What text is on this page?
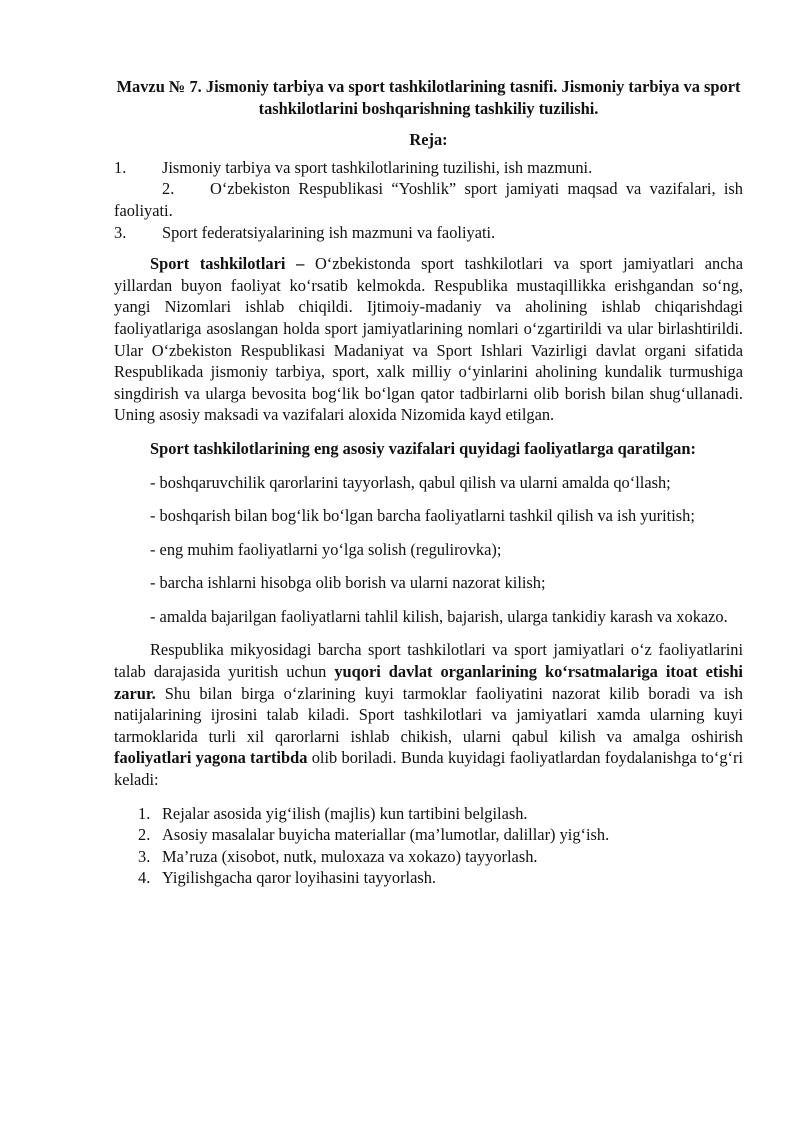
Mavzu № 7. Jismoniy tarbiya va sport tashkilotlarining tasnifi. Jismoniy tarbiya va sport tashkilotlarini boshqarishning tashkiliy tuzilishi.
Reja:
1. Jismoniy tarbiya va sport tashkilotlarining tuzilishi, ish mazmuni.
2. O‘zbekiston Respublikasi “Yoshlik” sport jamiyati maqsad va vazifalari, ish faoliyati.
3. Sport federatsiyalarining ish mazmuni va faoliyati.

Sport tashkilotlari – O‘zbekistonda sport tashkilotlari va sport jamiyatlari ancha yillardan buyon faoliyat ko‘rsatib kelmokda. Respublika mustaqillikka erishgandan so‘ng, yangi Nizomlari ishlab chiqildi. Ijtimoiy-madaniy va aholining ishlab chiqarishdagi faoliyatlariga asoslangan holda sport jamiyatlarining nomlari o‘zgartirildi va ular birlashtirildi. Ular O‘zbekiston Respublikasi Madaniyat va Sport Ishlari Vazirligi davlat organi sifatida Respublikada jismoniy tarbiya, sport, xalk milliy o‘yinlarini aholining kundalik turmushiga singdirish va ularga bevosita bog‘lik bo‘lgan qator tadbirlarni olib borish bilan shug‘ullanadi. Uning asosiy maksadi va vazifalari aloxida Nizomida kayd etilgan.

Sport tashkilotlarining eng asosiy vazifalari quyidagi faoliyatlarga qaratilgan:

- boshqaruvchilik qarorlarini tayyorlash, qabul qilish va ularni amalda qo‘llash;

- boshqarish bilan bog‘lik bo‘lgan barcha faoliyatlarni tashkil qilish va ish yuritish;

- eng muhim faoliyatlarni yo‘lga solish (regulirovka);

- barcha ishlarni hisobga olib borish va ularni nazorat kilish;

- amalda bajarilgan faoliyatlarni tahlil kilish, bajarish, ularga tankidiy karash va xokazo.

Respublika mikyosidagi barcha sport tashkilotlari va sport jamiyatlari o‘z faoliyatlarini talab darajasida yuritish uchun yuqori davlat organlarining ko‘rsatmalariga itoat etishi zarur. Shu bilan birga o‘zlarining kuyi tarmoklar faoliyatini nazorat kilib boradi va ish natijalarining ijrosini talab kiladi. Sport tashkilotlari va jamiyatlari xamda ularning kuyi tarmoklarida turli xil qarorlarni ishlab chikish, ularni qabul kilish va amalga oshirish faoliyatlari yagona tartibda olib boriladi. Bunda kuyidagi faoliyatlardan foydalanishga to‘g‘ri keladi:

1. Rejalar asosida yig‘ilish (majlis) kun tartibini belgilash.
2. Asosiy masalalar buyicha materiallar (ma’lumotlar, dalillar) yig‘ish.
3. Ma’ruza (xisobot, nutk, muloxaza va xokazo) tayyorlash.
4. Yigilishgacha qaror loyihasini tayyorlash.
